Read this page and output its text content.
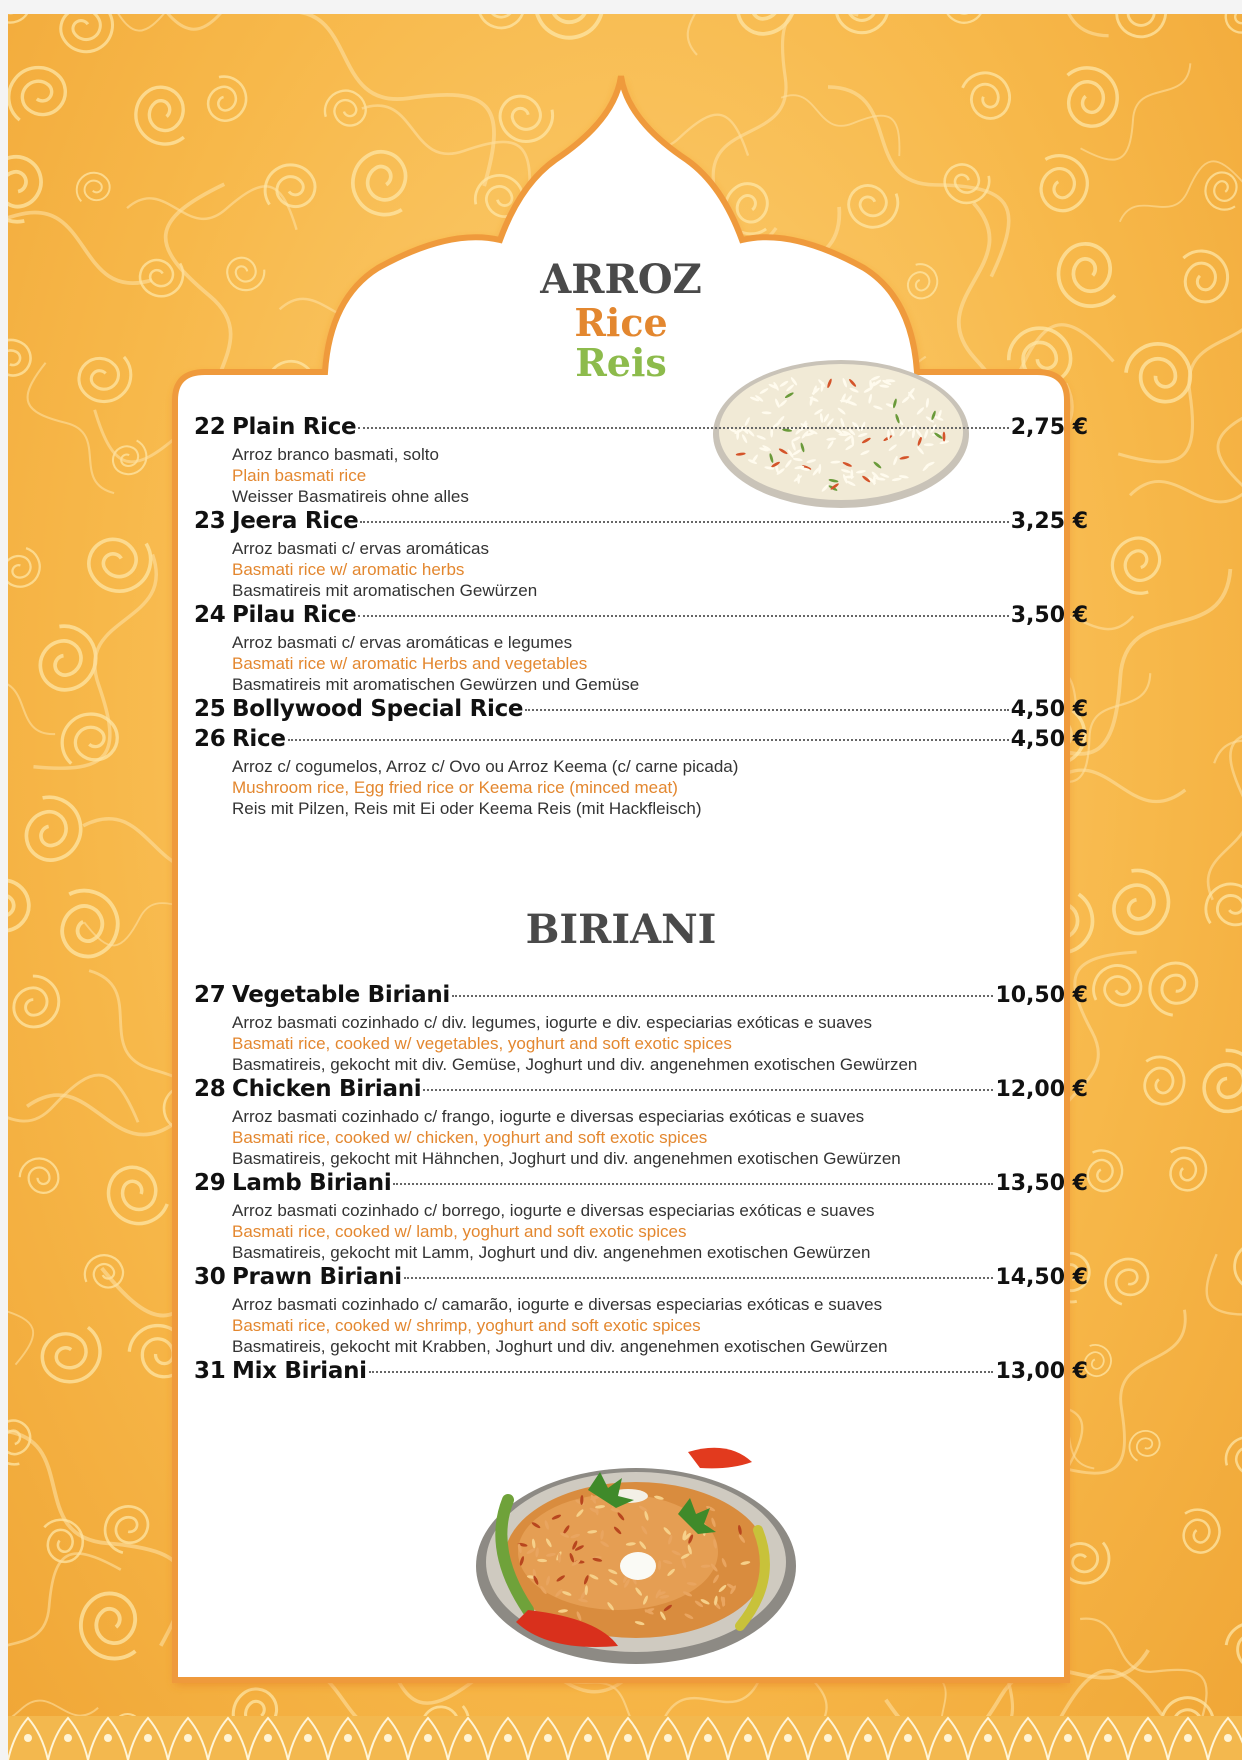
ARROZ
Rice
Reis
22 Plain Rice	2,75 €
Arroz branco basmati, solto
Plain basmati rice
Weisser Basmatireis ohne alles
23 Jeera Rice	3,25 €
Arroz basmati c/ ervas aromáticas
Basmati rice w/ aromatic herbs
Basmatireis mit aromatischen Gewürzen
24 Pilau Rice	3,50 €
Arroz basmati c/ ervas aromáticas e legumes
Basmati rice w/ aromatic Herbs and vegetables
Basmatireis mit aromatischen Gewürzen und Gemüse
25 Bollywood Special Rice	4,50 €
26 Rice	4,50 €
Arroz c/ cogumelos, Arroz c/ Ovo ou Arroz Keema (c/ carne picada)
Mushroom rice, Egg fried rice or Keema rice (minced meat)
Reis mit Pilzen, Reis mit Ei oder Keema Reis (mit Hackfleisch)
BIRIANI
27 Vegetable Biriani	10,50 €
Arroz basmati cozinhado c/ div. legumes, iogurte e div. especiarias exóticas e suaves
Basmati rice, cooked w/ vegetables, yoghurt and soft exotic spices
Basmatireis, gekocht mit div. Gemüse, Joghurt und div. angenehmen exotischen Gewürzen
28 Chicken Biriani	12,00 €
Arroz basmati cozinhado c/ frango, iogurte e diversas especiarias exóticas e suaves
Basmati rice, cooked w/ chicken, yoghurt and soft exotic spices
Basmatireis, gekocht mit Hähnchen, Joghurt und div. angenehmen exotischen Gewürzen
29 Lamb Biriani	13,50 €
Arroz basmati cozinhado c/ borrego, iogurte e diversas especiarias exóticas e suaves
Basmati rice, cooked w/ lamb, yoghurt and soft exotic spices
Basmatireis, gekocht mit Lamm, Joghurt und div. angenehmen exotischen Gewürzen
30 Prawn Biriani	14,50 €
Arroz basmati cozinhado c/ camarão, iogurte e diversas especiarias exóticas e suaves
Basmati rice, cooked w/ shrimp, yoghurt and soft exotic spices
Basmatireis, gekocht mit Krabben, Joghurt und div. angenehmen exotischen Gewürzen
31 Mix Biriani	13,00 €
